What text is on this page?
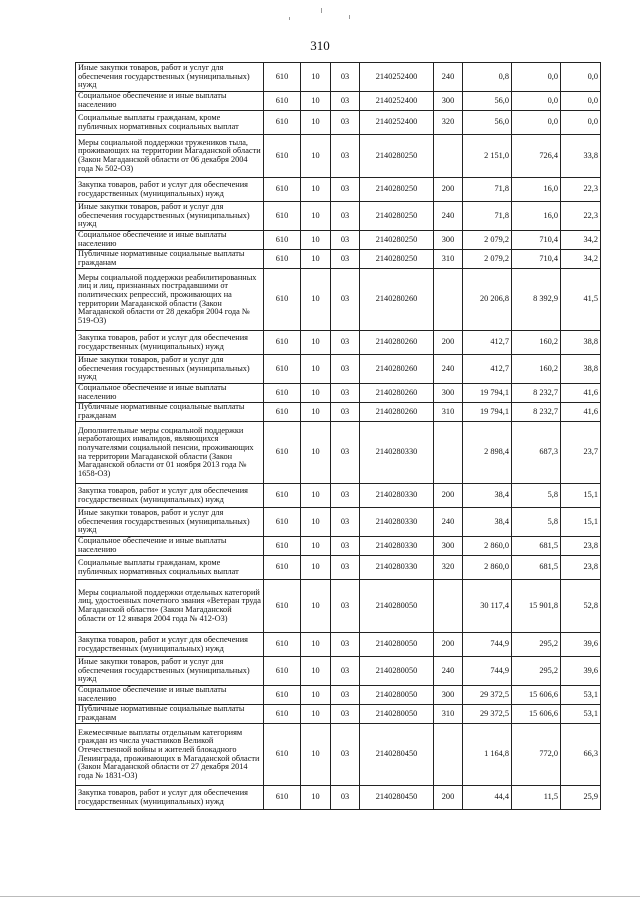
310
Иные закупки товаров, работ и услуг для обеспечения государственных (муниципальных) нужд	610	10	03	2140252400	240	0,8	0,0	0,0
Социальное обеспечение и иные выплаты населению	610	10	03	2140252400	300	56,0	0,0	0,0
Социальные выплаты гражданам, кроме публичных нормативных социальных выплат	610	10	03	2140252400	320	56,0	0,0	0,0
Меры социальной поддержки тружеников тыла, проживающих на территории Магаданской области (Закон Магаданской области от 06 декабря 2004 года № 502-ОЗ)	610	10	03	2140280250		2 151,0	726,4	33,8
Закупка товаров, работ и услуг для обеспечения государственных (муниципальных) нужд	610	10	03	2140280250	200	71,8	16,0	22,3
Иные закупки товаров, работ и услуг для обеспечения государственных (муниципальных) нужд	610	10	03	2140280250	240	71,8	16,0	22,3
Социальное обеспечение и иные выплаты населению	610	10	03	2140280250	300	2 079,2	710,4	34,2
Публичные нормативные социальные выплаты гражданам	610	10	03	2140280250	310	2 079,2	710,4	34,2
Меры социальной поддержки реабилитированных лиц и лиц, признанных пострадавшими от политических репрессий, проживающих на территории Магаданской области (Закон Магаданской области от 28 декабря 2004 года № 519-ОЗ)	610	10	03	2140280260		20 206,8	8 392,9	41,5
Закупка товаров, работ и услуг для обеспечения государственных (муниципальных) нужд	610	10	03	2140280260	200	412,7	160,2	38,8
Иные закупки товаров, работ и услуг для обеспечения государственных (муниципальных) нужд	610	10	03	2140280260	240	412,7	160,2	38,8
Социальное обеспечение и иные выплаты населению	610	10	03	2140280260	300	19 794,1	8 232,7	41,6
Публичные нормативные социальные выплаты гражданам	610	10	03	2140280260	310	19 794,1	8 232,7	41,6
Дополнительные меры социальной поддержки неработающих инвалидов, являющихся получателями социальной пенсии, проживающих на территории Магаданской области (Закон Магаданской области от 01 ноября 2013 года № 1658-ОЗ)	610	10	03	2140280330		2 898,4	687,3	23,7
Закупка товаров, работ и услуг для обеспечения государственных (муниципальных) нужд	610	10	03	2140280330	200	38,4	5,8	15,1
Иные закупки товаров, работ и услуг для обеспечения государственных (муниципальных) нужд	610	10	03	2140280330	240	38,4	5,8	15,1
Социальное обеспечение и иные выплаты населению	610	10	03	2140280330	300	2 860,0	681,5	23,8
Социальные выплаты гражданам, кроме публичных нормативных социальных выплат	610	10	03	2140280330	320	2 860,0	681,5	23,8
Меры социальной поддержки отдельных категорий лиц, удостоенных почетного звания «Ветеран труда Магаданской области» (Закон Магаданской области от 12 января 2004 года № 412-ОЗ)	610	10	03	2140280050		30 117,4	15 901,8	52,8
Закупка товаров, работ и услуг для обеспечения государственных (муниципальных) нужд	610	10	03	2140280050	200	744,9	295,2	39,6
Иные закупки товаров, работ и услуг для обеспечения государственных (муниципальных) нужд	610	10	03	2140280050	240	744,9	295,2	39,6
Социальное обеспечение и иные выплаты населению	610	10	03	2140280050	300	29 372,5	15 606,6	53,1
Публичные нормативные социальные выплаты гражданам	610	10	03	2140280050	310	29 372,5	15 606,6	53,1
Ежемесячные выплаты отдельным категориям граждан из числа участников Великой Отечественной войны и жителей блокадного Ленинграда, проживающих в Магаданской области (Закон Магаданской области от 27 декабря 2014 года № 1831-ОЗ)	610	10	03	2140280450		1 164,8	772,0	66,3
Закупка товаров, работ и услуг для обеспечения государственных (муниципальных) нужд	610	10	03	2140280450	200	44,4	11,5	25,9
